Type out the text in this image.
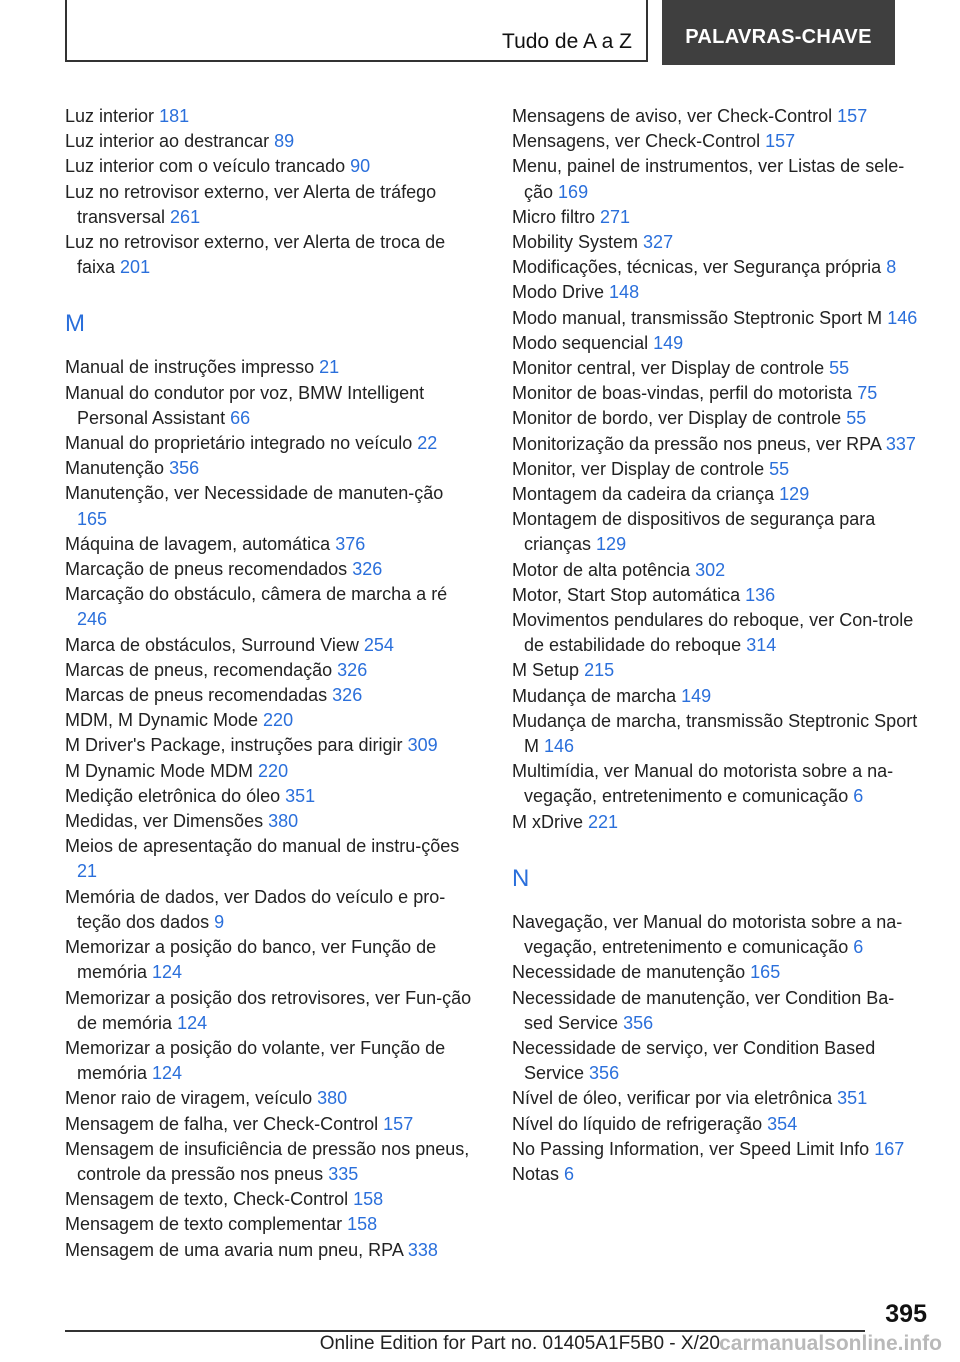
Tudo de A a Z	PALAVRAS-CHAVE
Luz interior 181
Luz interior ao destrancar 89
Luz interior com o veículo trancado 90
Luz no retrovisor externo, ver Alerta de tráfego transversal 261
Luz no retrovisor externo, ver Alerta de troca de faixa 201
M
Manual de instruções impresso 21
Manual do condutor por voz, BMW Intelligent Personal Assistant 66
Manual do proprietário integrado no veículo 22
Manutenção 356
Manutenção, ver Necessidade de manuten‐ção 165
Máquina de lavagem, automática 376
Marcação de pneus recomendados 326
Marcação do obstáculo, câmera de marcha a ré 246
Marca de obstáculos, Surround View 254
Marcas de pneus, recomendação 326
Marcas de pneus recomendadas 326
MDM, M Dynamic Mode 220
M Driver's Package, instruções para dirigir 309
M Dynamic Mode MDM 220
Medição eletrônica do óleo 351
Medidas, ver Dimensões 380
Meios de apresentação do manual de instru‐ções 21
Memória de dados, ver Dados do veículo e pro‐teção dos dados 9
Memorizar a posição do banco, ver Função de memória 124
Memorizar a posição dos retrovisores, ver Fun‐ção de memória 124
Memorizar a posição do volante, ver Função de memória 124
Menor raio de viragem, veículo 380
Mensagem de falha, ver Check-Control 157
Mensagem de insuficiência de pressão nos pneus, controle da pressão nos pneus 335
Mensagem de texto, Check-Control 158
Mensagem de texto complementar 158
Mensagem de uma avaria num pneu, RPA 338
Mensagens de aviso, ver Check-Control 157
Mensagens, ver Check-Control 157
Menu, painel de instrumentos, ver Listas de sele‐ção 169
Micro filtro 271
Mobility System 327
Modificações, técnicas, ver Segurança própria 8
Modo Drive 148
Modo manual, transmissão Steptronic Sport M 146
Modo sequencial 149
Monitor central, ver Display de controle 55
Monitor de boas-vindas, perfil do motorista 75
Monitor de bordo, ver Display de controle 55
Monitorização da pressão nos pneus, ver RPA 337
Monitor, ver Display de controle 55
Montagem da cadeira da criança 129
Montagem de dispositivos de segurança para crianças 129
Motor de alta potência 302
Motor, Start Stop automática 136
Movimentos pendulares do reboque, ver Con‐trole de estabilidade do reboque 314
M Setup 215
Mudança de marcha 149
Mudança de marcha, transmissão Steptronic Sport M 146
Multimídia, ver Manual do motorista sobre a na‐vegação, entretenimento e comunicação 6
M xDrive 221
N
Navegação, ver Manual do motorista sobre a na‐vegação, entretenimento e comunicação 6
Necessidade de manutenção 165
Necessidade de manutenção, ver Condition Ba‐sed Service 356
Necessidade de serviço, ver Condition Based Service 356
Nível de óleo, verificar por via eletrônica 351
Nível do líquido de refrigeração 354
No Passing Information, ver Speed Limit Info 167
Notas 6
395
Online Edition for Part no. 01405A1F5B0 - X/20 carmanualsonline.info
